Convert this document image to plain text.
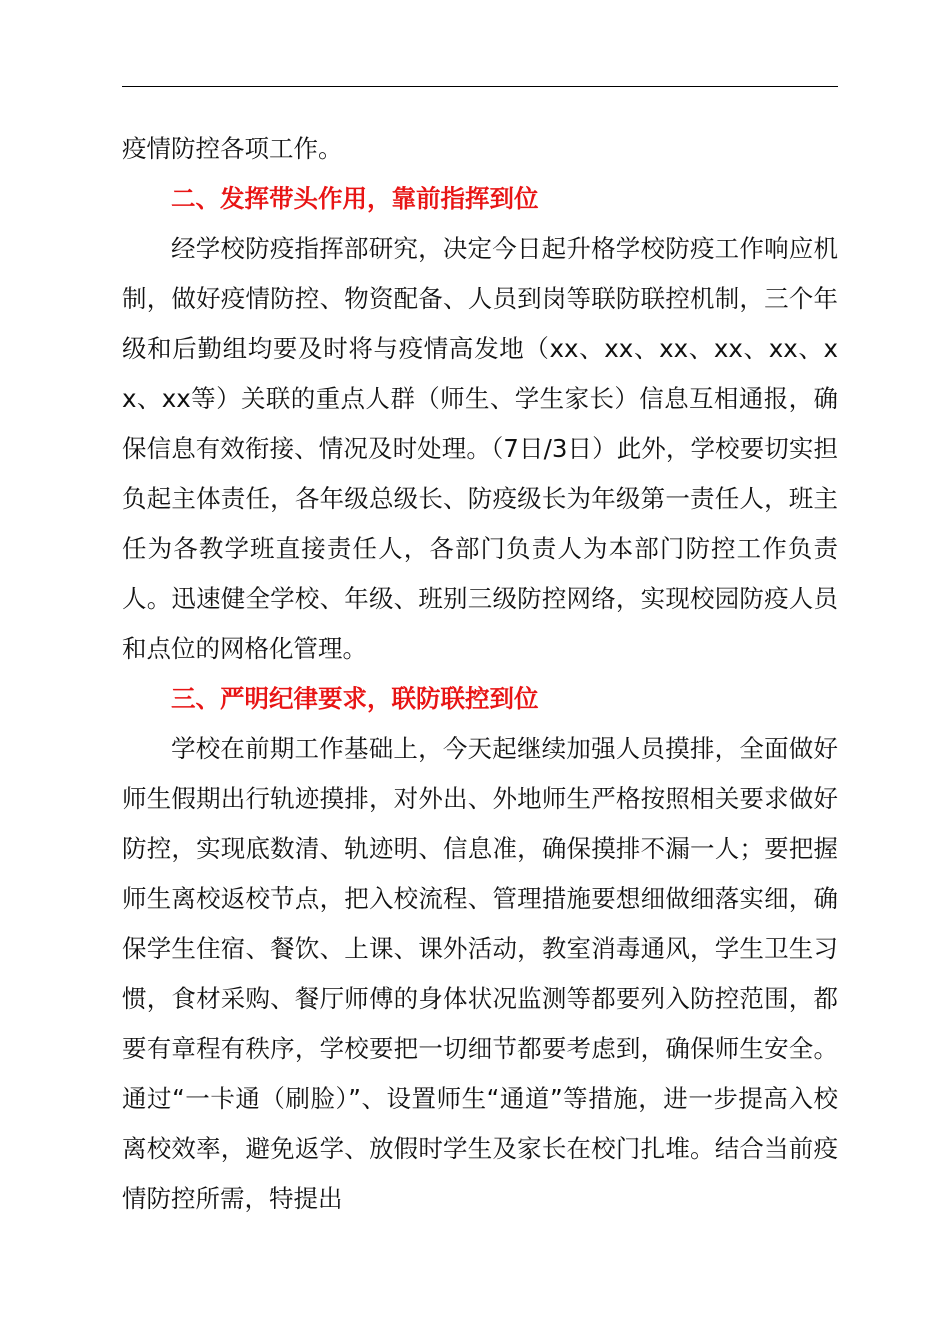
疫情防控各项工作。

二、发挥带头作用，靠前指挥到位

经学校防疫指挥部研究，决定今日起升格学校防疫工作响应机制，做好疫情防控、物资配备、人员到岗等联防联控机制，三个年级和后勤组均要及时将与疫情高发地（xx、xx、xx、xx、xx、xx、xx等）关联的重点人群（师生、学生家长）信息互相通报，确保信息有效衔接、情况及时处理。（7日/3日）此外，学校要切实担负起主体责任，各年级总级长、防疫级长为年级第一责任人，班主任为各教学班直接责任人，各部门负责人为本部门防控工作负责人。迅速健全学校、年级、班别三级防控网络，实现校园防疫人员和点位的网格化管理。

三、严明纪律要求，联防联控到位

学校在前期工作基础上，今天起继续加强人员摸排，全面做好师生假期出行轨迹摸排，对外出、外地师生严格按照相关要求做好防控，实现底数清、轨迹明、信息准，确保摸排不漏一人；要把握师生离校返校节点，把入校流程、管理措施要想细做细落实细，确保学生住宿、餐饮、上课、课外活动，教室消毒通风，学生卫生习惯，食材采购、餐厅师傅的身体状况监测等都要列入防控范围，都要有章程有秩序，学校要把一切细节都要考虑到，确保师生安全。通过“一卡通（刷脸）”、设置师生“通道”等措施，进一步提高入校离校效率，避免返学、放假时学生及家长在校门扎堆。结合当前疫情防控所需，特提出
